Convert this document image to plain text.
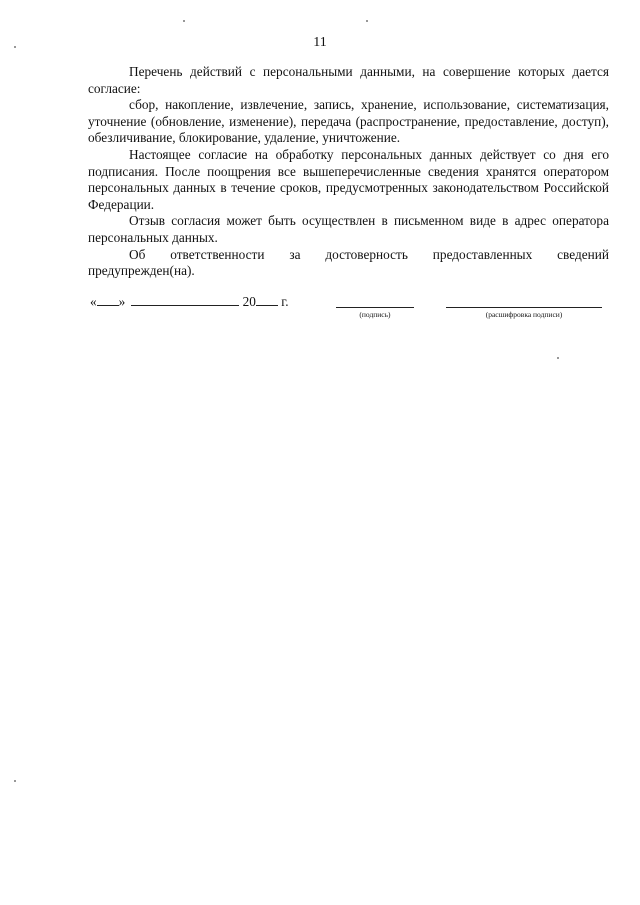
11

Перечень действий с персональными данными, на совершение которых дается согласие:

сбор, накопление, извлечение, запись, хранение, использование, систематизация, уточнение (обновление, изменение), передача (распространение, предоставление, доступ), обезличивание, блокирование, удаление, уничтожение.

Настоящее согласие на обработку персональных данных действует со дня его подписания. После поощрения все вышеперечисленные сведения хранятся оператором персональных данных в течение сроков, предусмотренных законодательством Российской Федерации.

Отзыв согласия может быть осуществлен в письменном виде в адрес оператора персональных данных.

Об ответственности за достоверность предоставленных сведений предупрежден(на).

« »	20 г.
(подпись)	(расшифровка подписи)
